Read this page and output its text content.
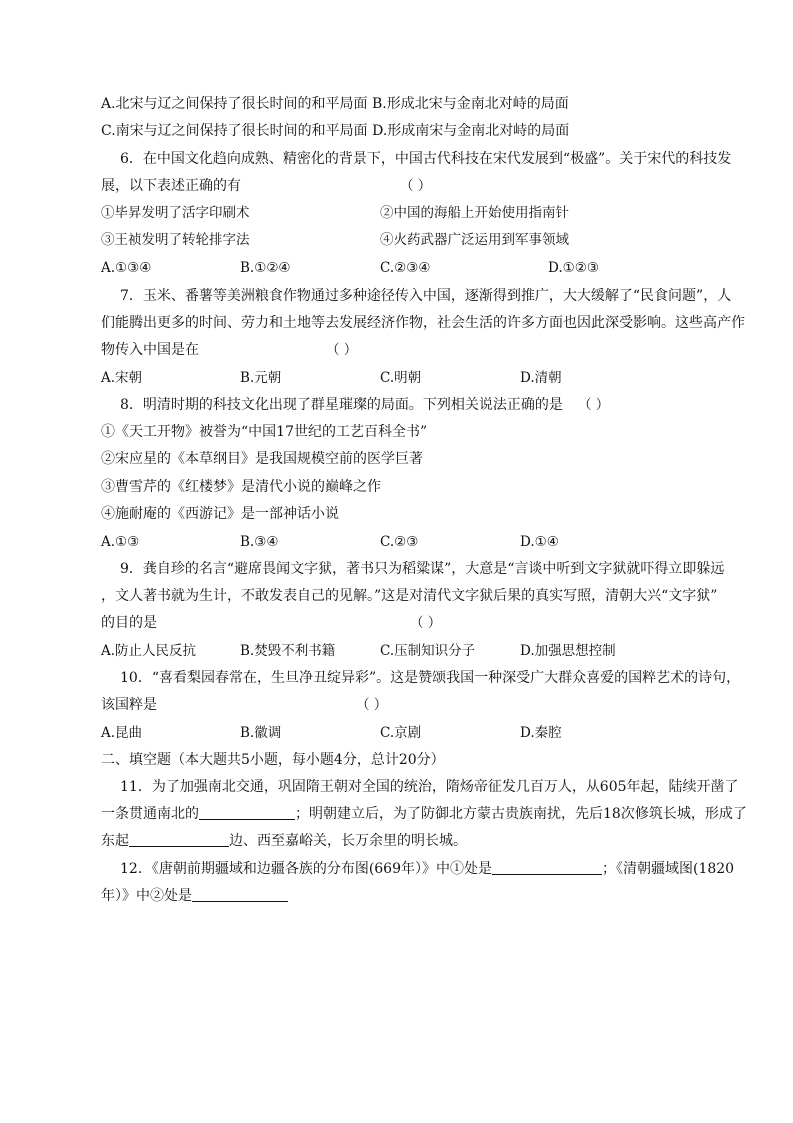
A.北宋与辽之间保持了很长时间的和平局面 B.形成北宋与金南北对峙的局面
C.南宋与辽之间保持了很长时间的和平局面 D.形成南宋与金南北对峙的局面
6．在中国文化趋向成熟、精密化的背景下，中国古代科技在宋代发展到“极盛”。关于宋代的科技发
展，以下表述正确的有	（ ）
①毕昇发明了活字印刷术	②中国的海船上开始使用指南针
③王祯发明了转轮排字法	④火药武器广泛运用到军事领域
A.①③④	B.①②④	C.②③④	D.①②③
7．玉米、番薯等美洲粮食作物通过多种途径传入中国，逐渐得到推广，大大缓解了“民食问题”，人
们能腾出更多的时间、劳力和土地等去发展经济作物，社会生活的许多方面也因此深受影响。这些高产作
物传入中国是在	（ ）
A.宋朝	B.元朝	C.明朝	D.清朝
8．明清时期的科技文化出现了群星璀璨的局面。下列相关说法正确的是 （ ）
①《天工开物》被誉为“中国17世纪的工艺百科全书”
②宋应星的《本草纲目》是我国规模空前的医学巨著
③曹雪芹的《红楼梦》是清代小说的巅峰之作
④施耐庵的《西游记》是一部神话小说
A.①③	B.③④	C.②③	D.①④
9．龚自珍的名言“避席畏闻文字狱，著书只为稻粱谋”，大意是“言谈中听到文字狱就吓得立即躲远
，文人著书就为生计，不敢发表自己的见解。”这是对清代文字狱后果的真实写照，清朝大兴“文字狱”
的目的是	（ ）
A.防止人民反抗	B.焚毁不利书籍	C.压制知识分子	D.加强思想控制
10．“喜看梨园春常在，生旦净丑绽异彩”。这是赞颂我国一种深受广大群众喜爱的国粹艺术的诗句，
该国粹是	（ ）
A.昆曲	B.徽调	C.京剧	D.秦腔
二、填空题（本大题共5小题，每小题4分，总计20分）
11．为了加强南北交通，巩固隋王朝对全国的统治，隋炀帝征发几百万人，从605年起，陆续开凿了
一条贯通南北的	；明朝建立后，为了防御北方蒙古贵族南扰，先后18次修筑长城，形成了
东起	边、西至嘉峪关，长万余里的明长城。
12．《唐朝前期疆域和边疆各族的分布图(669年）》中①处是	；《清朝疆域图(1820
年）》中②处是
